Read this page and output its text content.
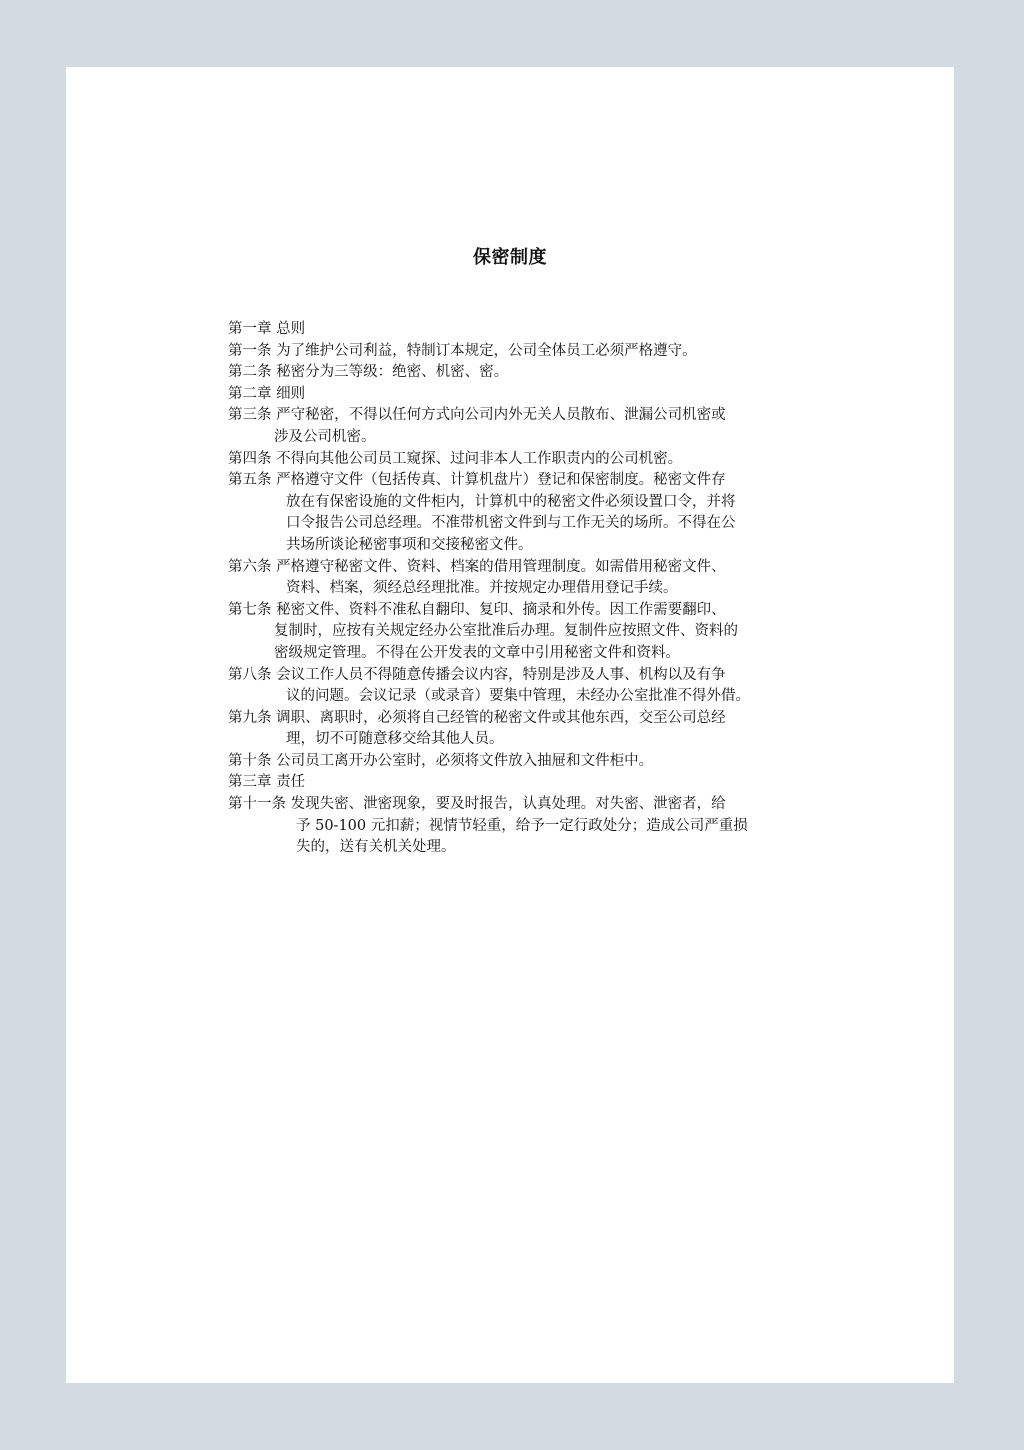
保密制度
第一章 总则
第一条 为了维护公司利益，特制订本规定，公司全体员工必须严格遵守。
第二条 秘密分为三等级：绝密、机密、密。
第二章 细则
第三条 严守秘密，不得以任何方式向公司内外无关人员散布、泄漏公司机密或
涉及公司机密。
第四条 不得向其他公司员工窥探、过问非本人工作职责内的公司机密。
第五条 严格遵守文件（包括传真、计算机盘片）登记和保密制度。秘密文件存
放在有保密设施的文件柜内，计算机中的秘密文件必须设置口令，并将
口令报告公司总经理。不准带机密文件到与工作无关的场所。不得在公
共场所谈论秘密事项和交接秘密文件。
第六条 严格遵守秘密文件、资料、档案的借用管理制度。如需借用秘密文件、
资料、档案，须经总经理批准。并按规定办理借用登记手续。
第七条 秘密文件、资料不准私自翻印、复印、摘录和外传。因工作需要翻印、
复制时，应按有关规定经办公室批准后办理。复制件应按照文件、资料的
密级规定管理。不得在公开发表的文章中引用秘密文件和资料。
第八条 会议工作人员不得随意传播会议内容，特别是涉及人事、机构以及有争
议的问题。会议记录（或录音）要集中管理，未经办公室批准不得外借。
第九条 调职、离职时，必须将自己经管的秘密文件或其他东西，交至公司总经
理，切不可随意移交给其他人员。
第十条 公司员工离开办公室时，必须将文件放入抽屉和文件柜中。
第三章 责任
第十一条 发现失密、泄密现象，要及时报告，认真处理。对失密、泄密者，给
予 50-100 元扣薪；视情节轻重，给予一定行政处分；造成公司严重损
失的，送有关机关处理。
